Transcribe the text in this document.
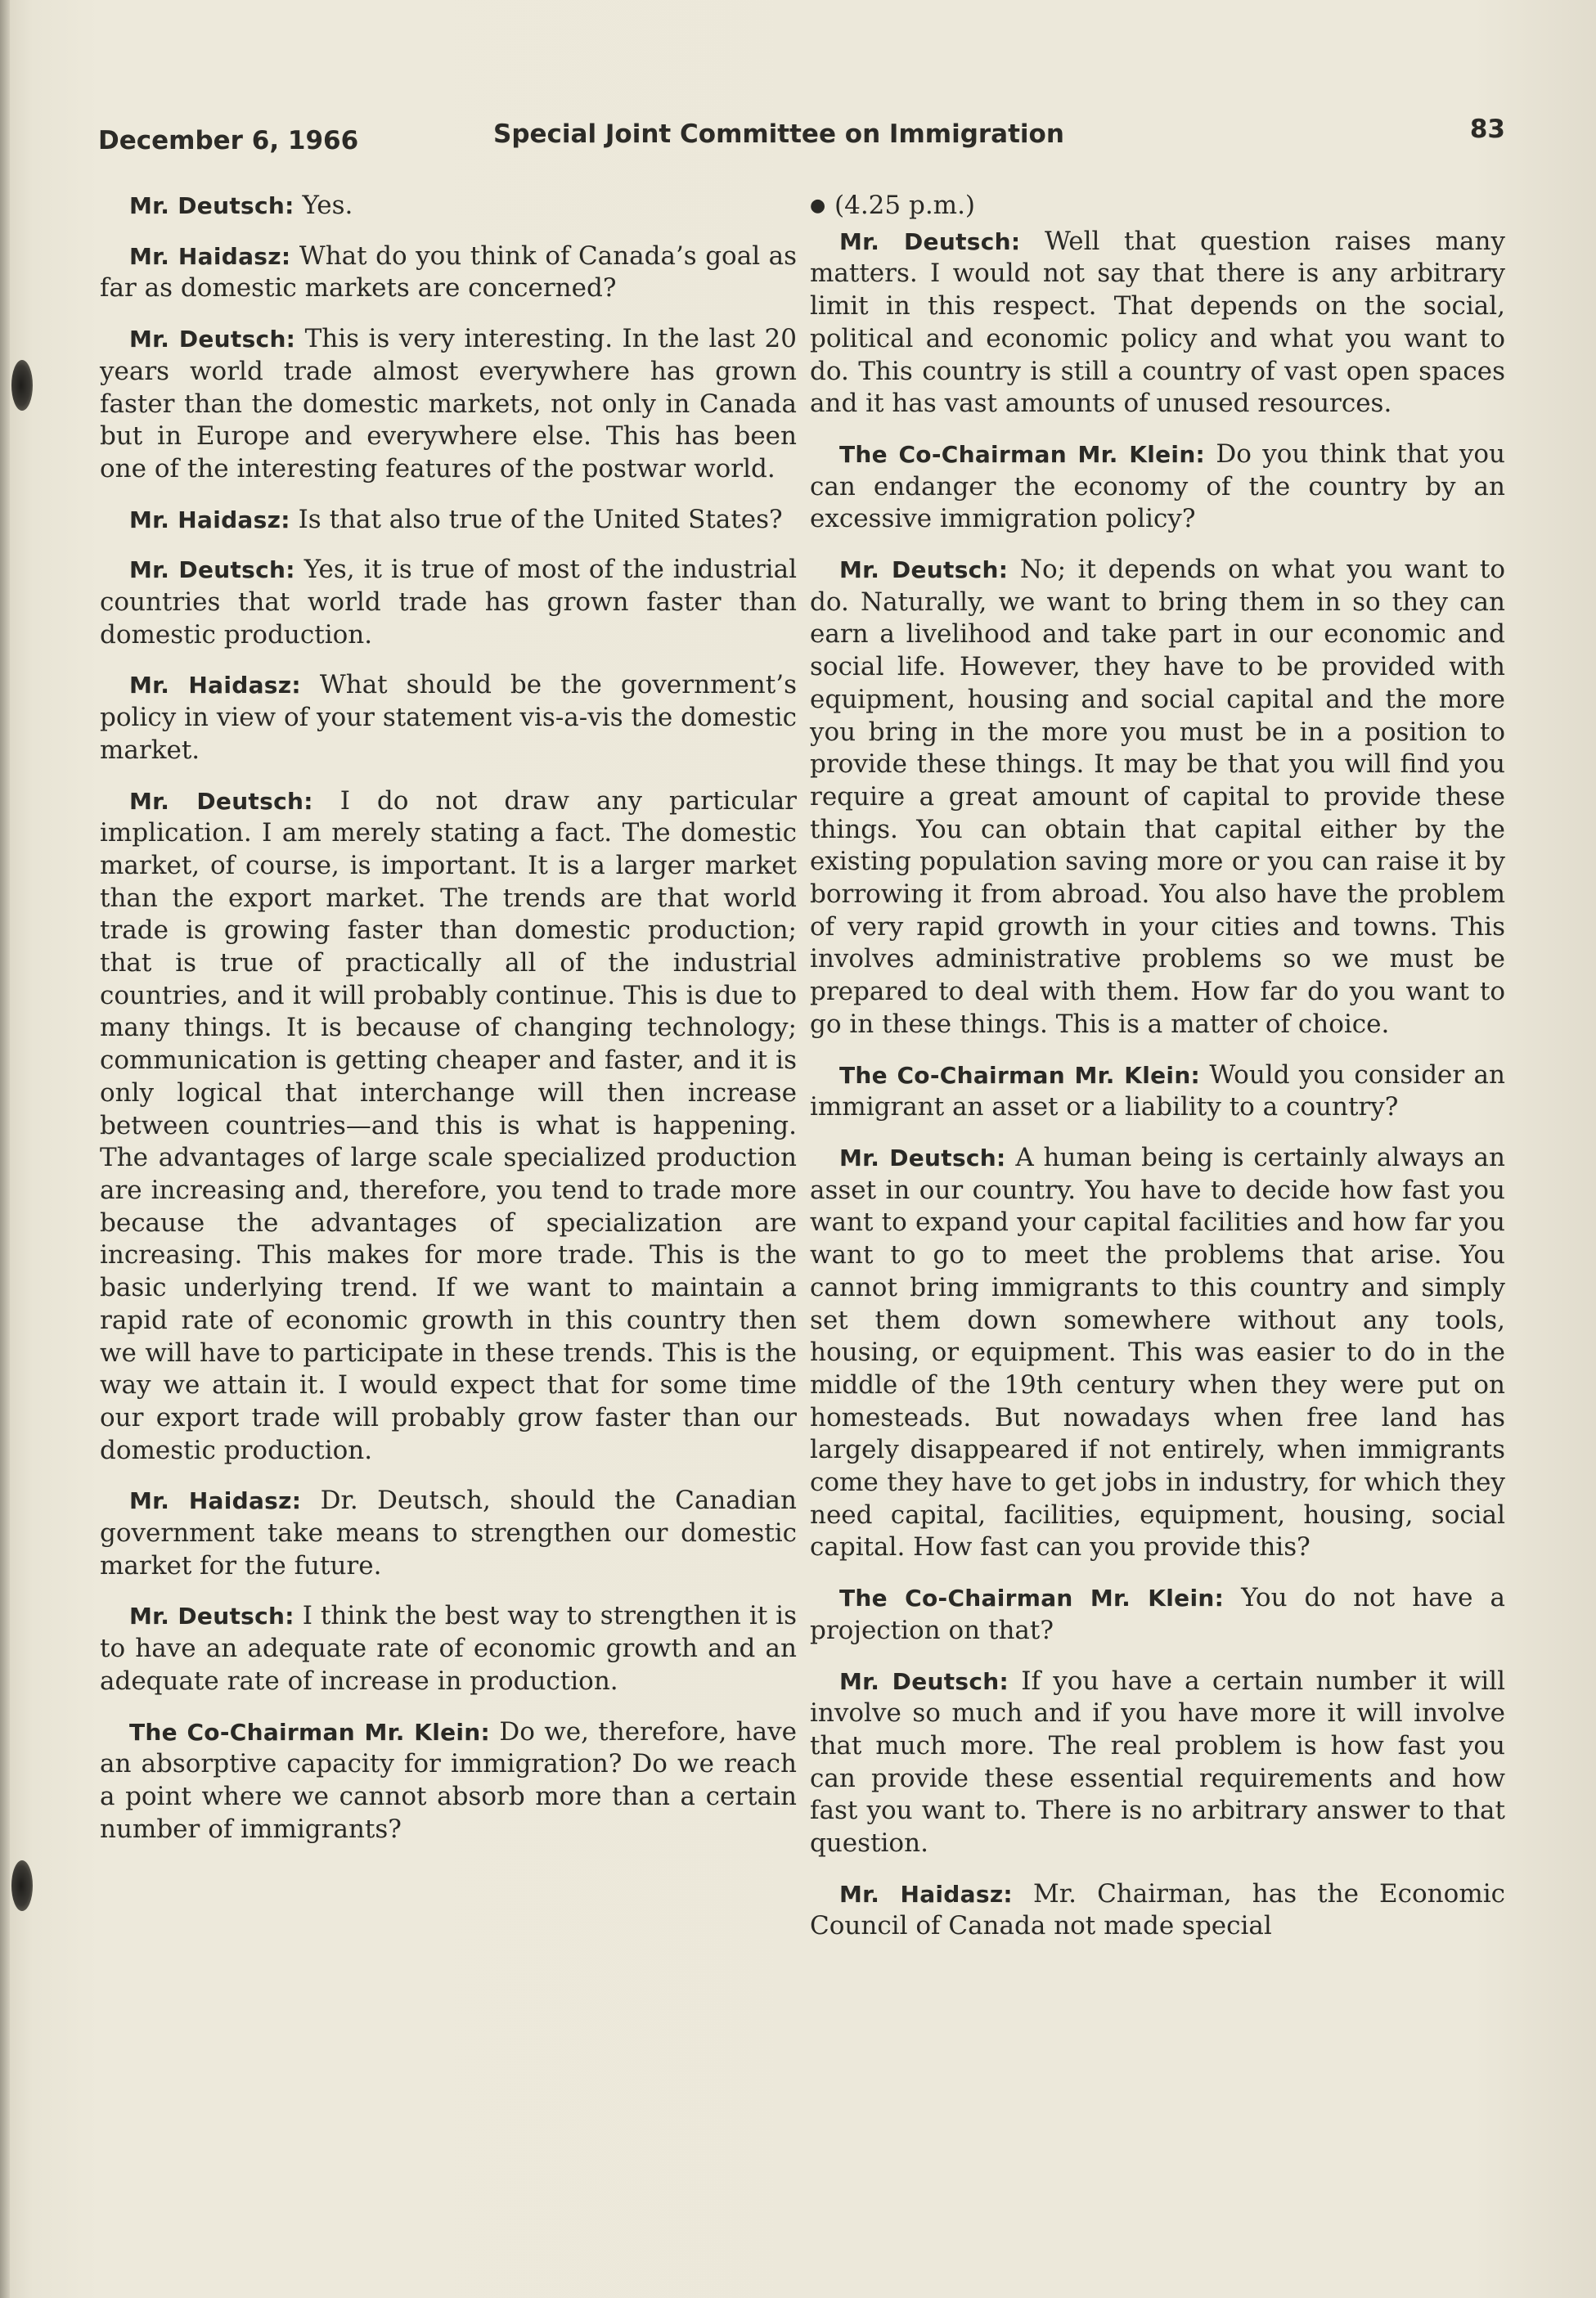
December 6, 1966	Special Joint Committee on Immigration	83

Mr. Deutsch: Yes.

Mr. Haidasz: What do you think of Canada’s goal as far as domestic markets are concerned?

Mr. Deutsch: This is very interesting. In the last 20 years world trade almost everywhere has grown faster than the domestic markets, not only in Canada but in Europe and everywhere else. This has been one of the interesting features of the postwar world.

Mr. Haidasz: Is that also true of the United States?

Mr. Deutsch: Yes, it is true of most of the industrial countries that world trade has grown faster than domestic production.

Mr. Haidasz: What should be the government’s policy in view of your statement vis-a-vis the domestic market.

Mr. Deutsch: I do not draw any particular implication. I am merely stating a fact. The domestic market, of course, is important. It is a larger market than the export market. The trends are that world trade is growing faster than domestic production; that is true of practically all of the industrial countries, and it will probably continue. This is due to many things. It is because of changing technology; communication is getting cheaper and faster, and it is only logical that interchange will then increase between countries—and this is what is happening. The advantages of large scale specialized production are increasing and, therefore, you tend to trade more because the advantages of specialization are increasing. This makes for more trade. This is the basic underlying trend. If we want to maintain a rapid rate of economic growth in this country then we will have to participate in these trends. This is the way we attain it. I would expect that for some time our export trade will probably grow faster than our domestic production.

Mr. Haidasz: Dr. Deutsch, should the Canadian government take means to strengthen our domestic market for the future.

Mr. Deutsch: I think the best way to strengthen it is to have an adequate rate of economic growth and an adequate rate of increase in production.

The Co-Chairman Mr. Klein: Do we, therefore, have an absorptive capacity for immigration? Do we reach a point where we cannot absorb more than a certain number of immigrants?

● (4.25 p.m.)

Mr. Deutsch: Well that question raises many matters. I would not say that there is any arbitrary limit in this respect. That depends on the social, political and economic policy and what you want to do. This country is still a country of vast open spaces and it has vast amounts of unused resources.

The Co-Chairman Mr. Klein: Do you think that you can endanger the economy of the country by an excessive immigration policy?

Mr. Deutsch: No; it depends on what you want to do. Naturally, we want to bring them in so they can earn a livelihood and take part in our economic and social life. However, they have to be provided with equipment, housing and social capital and the more you bring in the more you must be in a position to provide these things. It may be that you will find you require a great amount of capital to provide these things. You can obtain that capital either by the existing population saving more or you can raise it by borrowing it from abroad. You also have the problem of very rapid growth in your cities and towns. This involves administrative problems so we must be prepared to deal with them. How far do you want to go in these things. This is a matter of choice.

The Co-Chairman Mr. Klein: Would you consider an immigrant an asset or a liability to a country?

Mr. Deutsch: A human being is certainly always an asset in our country. You have to decide how fast you want to expand your capital facilities and how far you want to go to meet the problems that arise. You cannot bring immigrants to this country and simply set them down somewhere without any tools, housing, or equipment. This was easier to do in the middle of the 19th century when they were put on homesteads. But nowadays when free land has largely disappeared if not entirely, when immigrants come they have to get jobs in industry, for which they need capital, facilities, equipment, housing, social capital. How fast can you provide this?

The Co-Chairman Mr. Klein: You do not have a projection on that?

Mr. Deutsch: If you have a certain number it will involve so much and if you have more it will involve that much more. The real problem is how fast you can provide these essential requirements and how fast you want to. There is no arbitrary answer to that question.

Mr. Haidasz: Mr. Chairman, has the Economic Council of Canada not made special
